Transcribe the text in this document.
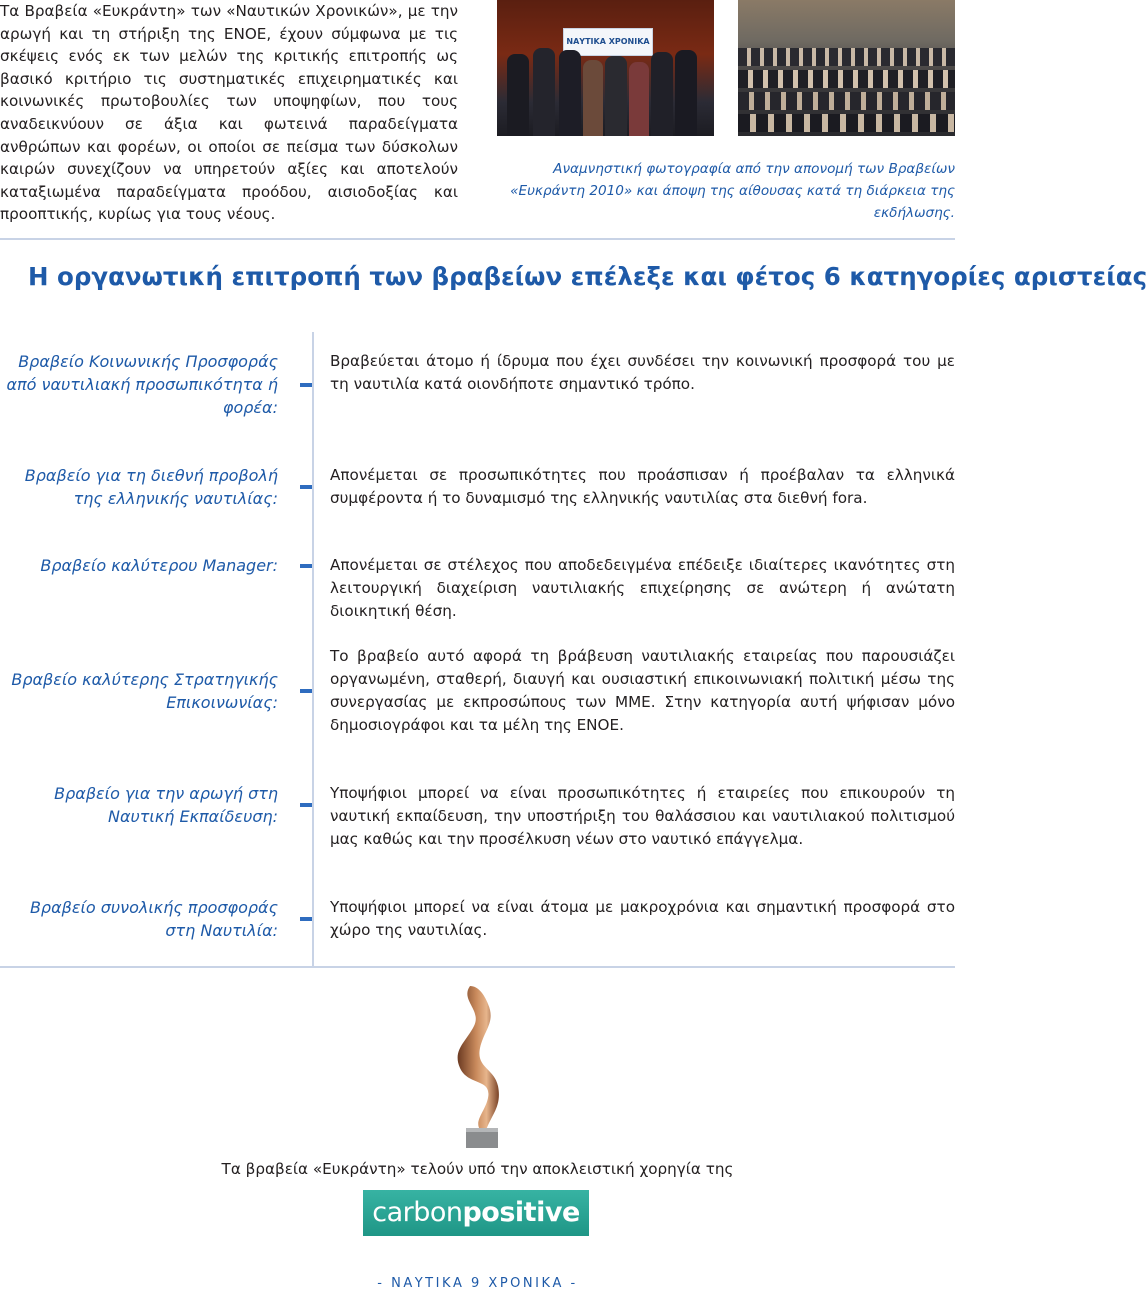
Τα Βραβεία «Ευκράντη» των «Ναυτικών Χρονικών», με την αρωγή και τη στήριξη της ΕΝΟΕ, έχουν σύμφωνα με τις σκέψεις ενός εκ των μελών της κριτικής επιτροπής ως βασικό κριτήριο τις συστηματικές επιχειρηματικές και κοινωνικές πρωτοβουλίες των υποψηφίων, που τους αναδεικνύουν σε άξια και φωτεινά παραδείγματα ανθρώπων και φορέων, οι οποίοι σε πείσμα των δύσκολων καιρών συνεχίζουν να υπηρετούν αξίες και αποτελούν καταξιωμένα παραδείγματα προόδου, αισιοδοξίας και προοπτικής, κυρίως για τους νέους.

ΝΑΥΤΙΚΑ ΧΡΟΝΙΚΑ

Αναμνηστική φωτογραφία από την απονομή των Βραβείων «Ευκράντη 2010» και άποψη της αίθουσας κατά τη διάρκεια της εκδήλωσης.

Η οργανωτική επιτροπή των βραβείων επέλεξε και φέτος 6 κατηγορίες αριστείας
Βραβείο Κοινωνικής Προσφοράς από ναυτιλιακή προσωπικότητα ή φορέα:
Βραβεύεται άτομο ή ίδρυμα που έχει συνδέσει την κοινωνική προσφορά του με τη ναυτιλία κατά οιονδήποτε σημαντικό τρόπο.
Βραβείο για τη διεθνή προβολή της ελληνικής ναυτιλίας:
Απονέμεται σε προσωπικότητες που προάσπισαν ή προέβαλαν τα ελληνικά συμφέροντα ή το δυναμισμό της ελληνικής ναυτιλίας στα διεθνή fora.
Βραβείο καλύτερου Manager:	Απονέμεται σε στέλεχος που αποδεδειγμένα επέδειξε ιδιαίτερες ικανότητες στη λειτουργική διαχείριση ναυτιλιακής επιχείρησης σε ανώτερη ή ανώτατη διοικητική θέση.
Βραβείο καλύτερης Στρατηγικής Επικοινωνίας:
Το βραβείο αυτό αφορά τη βράβευση ναυτιλιακής εταιρείας που παρουσιάζει οργανωμένη, σταθερή, διαυγή και ουσιαστική επικοινωνιακή πολιτική μέσω της συνεργασίας με εκπροσώπους των ΜΜΕ. Στην κατηγορία αυτή ψήφισαν μόνο δημοσιογράφοι και τα μέλη της ΕΝΟΕ.
Βραβείο για την αρωγή στη Ναυτική Εκπαίδευση:
Υποψήφιοι μπορεί να είναι προσωπικότητες ή εταιρείες που επικουρούν τη ναυτική εκπαίδευση, την υποστήριξη του θαλάσσιου και ναυτιλιακού πολιτισμού μας καθώς και την προσέλκυση νέων στο ναυτικό επάγγελμα.
Βραβείο συνολικής προσφοράς στη Ναυτιλία:
Υποψήφιοι μπορεί να είναι άτομα με μακροχρόνια και σημαντική προσφορά στο χώρο της ναυτιλίας.

Τα βραβεία «Ευκράντη» τελούν υπό την αποκλειστική χορηγία της

carbonpositive

- ΝΑΥΤΙΚΑ 9 ΧΡΟΝΙΚΑ -
